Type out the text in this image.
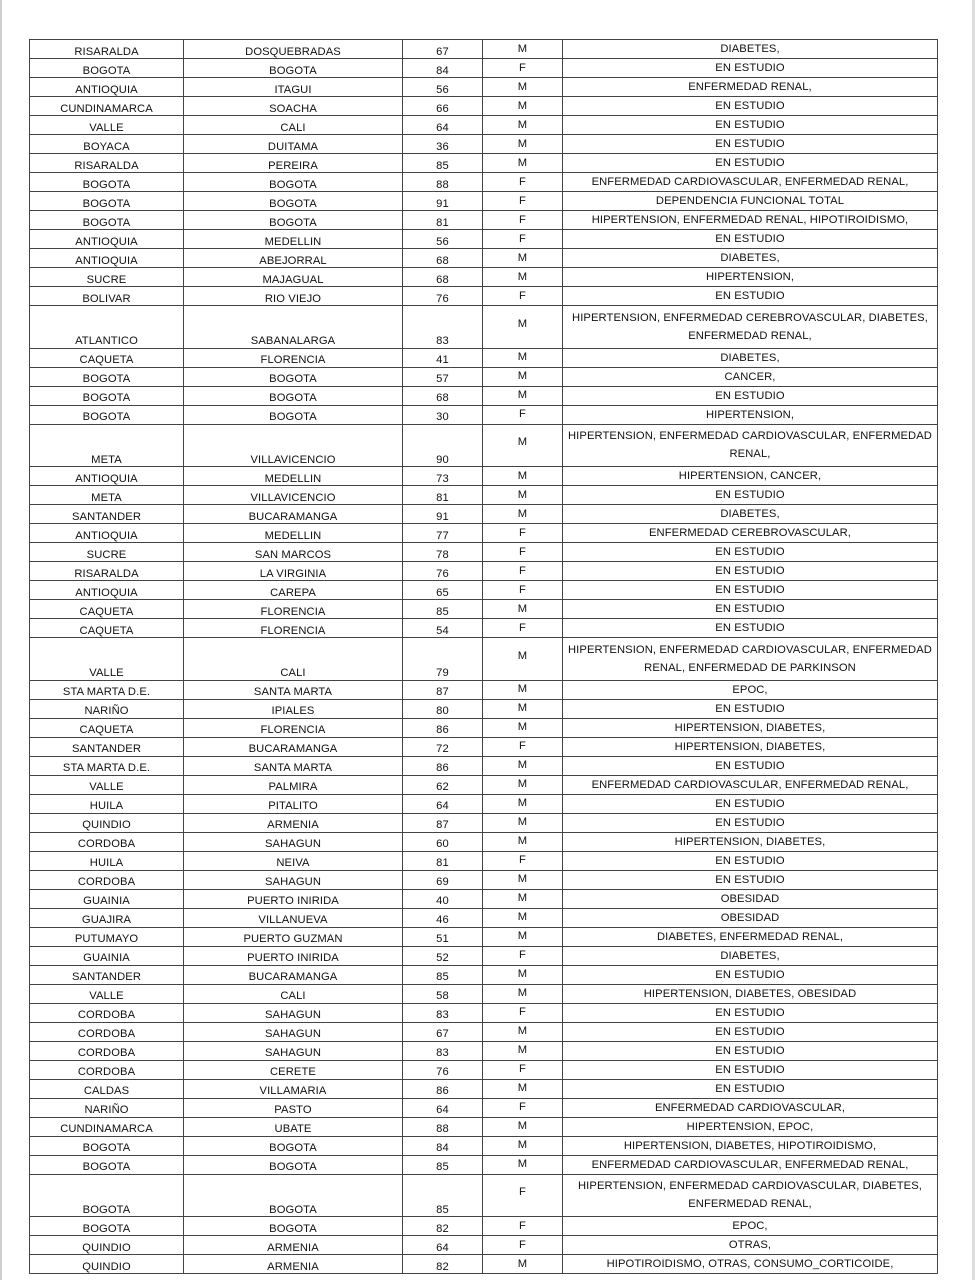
RISARALDA	DOSQUEBRADAS	67	M	DIABETES,
BOGOTA	BOGOTA	84	F	EN ESTUDIO
ANTIOQUIA	ITAGUI	56	M	ENFERMEDAD RENAL,
CUNDINAMARCA	SOACHA	66	M	EN ESTUDIO
VALLE	CALI	64	M	EN ESTUDIO
BOYACA	DUITAMA	36	M	EN ESTUDIO
RISARALDA	PEREIRA	85	M	EN ESTUDIO
BOGOTA	BOGOTA	88	F	ENFERMEDAD CARDIOVASCULAR, ENFERMEDAD RENAL,
BOGOTA	BOGOTA	91	F	DEPENDENCIA FUNCIONAL TOTAL
BOGOTA	BOGOTA	81	F	HIPERTENSION, ENFERMEDAD RENAL, HIPOTIROIDISMO,
ANTIOQUIA	MEDELLIN	56	F	EN ESTUDIO
ANTIOQUIA	ABEJORRAL	68	M	DIABETES,
SUCRE	MAJAGUAL	68	M	HIPERTENSION,
BOLIVAR	RIO VIEJO	76	F	EN ESTUDIO
ATLANTICO	SABANALARGA	83	M	HIPERTENSION, ENFERMEDAD CEREBROVASCULAR, DIABETES, ENFERMEDAD RENAL,
CAQUETA	FLORENCIA	41	M	DIABETES,
BOGOTA	BOGOTA	57	M	CANCER,
BOGOTA	BOGOTA	68	M	EN ESTUDIO
BOGOTA	BOGOTA	30	F	HIPERTENSION,
META	VILLAVICENCIO	90	M	HIPERTENSION, ENFERMEDAD CARDIOVASCULAR, ENFERMEDAD RENAL,
ANTIOQUIA	MEDELLIN	73	M	HIPERTENSION, CANCER,
META	VILLAVICENCIO	81	M	EN ESTUDIO
SANTANDER	BUCARAMANGA	91	M	DIABETES,
ANTIOQUIA	MEDELLIN	77	F	ENFERMEDAD CEREBROVASCULAR,
SUCRE	SAN MARCOS	78	F	EN ESTUDIO
RISARALDA	LA VIRGINIA	76	F	EN ESTUDIO
ANTIOQUIA	CAREPA	65	F	EN ESTUDIO
CAQUETA	FLORENCIA	85	M	EN ESTUDIO
CAQUETA	FLORENCIA	54	F	EN ESTUDIO
VALLE	CALI	79	M	HIPERTENSION, ENFERMEDAD CARDIOVASCULAR, ENFERMEDAD RENAL, ENFERMEDAD DE PARKINSON
STA MARTA D.E.	SANTA MARTA	87	M	EPOC,
NARIÑO	IPIALES	80	M	EN ESTUDIO
CAQUETA	FLORENCIA	86	M	HIPERTENSION, DIABETES,
SANTANDER	BUCARAMANGA	72	F	HIPERTENSION, DIABETES,
STA MARTA D.E.	SANTA MARTA	86	M	EN ESTUDIO
VALLE	PALMIRA	62	M	ENFERMEDAD CARDIOVASCULAR, ENFERMEDAD RENAL,
HUILA	PITALITO	64	M	EN ESTUDIO
QUINDIO	ARMENIA	87	M	EN ESTUDIO
CORDOBA	SAHAGUN	60	M	HIPERTENSION, DIABETES,
HUILA	NEIVA	81	F	EN ESTUDIO
CORDOBA	SAHAGUN	69	M	EN ESTUDIO
GUAINIA	PUERTO INIRIDA	40	M	OBESIDAD
GUAJIRA	VILLANUEVA	46	M	OBESIDAD
PUTUMAYO	PUERTO GUZMAN	51	M	DIABETES, ENFERMEDAD RENAL,
GUAINIA	PUERTO INIRIDA	52	F	DIABETES,
SANTANDER	BUCARAMANGA	85	M	EN ESTUDIO
VALLE	CALI	58	M	HIPERTENSION, DIABETES, OBESIDAD
CORDOBA	SAHAGUN	83	F	EN ESTUDIO
CORDOBA	SAHAGUN	67	M	EN ESTUDIO
CORDOBA	SAHAGUN	83	M	EN ESTUDIO
CORDOBA	CERETE	76	F	EN ESTUDIO
CALDAS	VILLAMARIA	86	M	EN ESTUDIO
NARIÑO	PASTO	64	F	ENFERMEDAD CARDIOVASCULAR,
CUNDINAMARCA	UBATE	88	M	HIPERTENSION, EPOC,
BOGOTA	BOGOTA	84	M	HIPERTENSION, DIABETES, HIPOTIROIDISMO,
BOGOTA	BOGOTA	85	M	ENFERMEDAD CARDIOVASCULAR, ENFERMEDAD RENAL,
BOGOTA	BOGOTA	85	F	HIPERTENSION, ENFERMEDAD CARDIOVASCULAR, DIABETES, ENFERMEDAD RENAL,
BOGOTA	BOGOTA	82	F	EPOC,
QUINDIO	ARMENIA	64	F	OTRAS,
QUINDIO	ARMENIA	82	M	HIPOTIROIDISMO, OTRAS, CONSUMO_CORTICOIDE,
